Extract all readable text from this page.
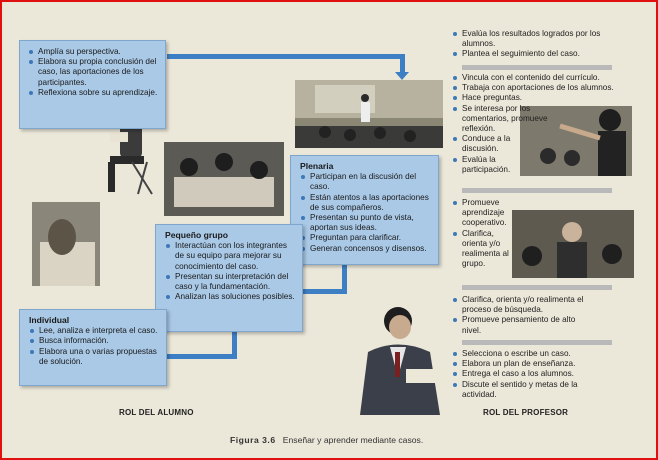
Amplía su perspectiva.
Elabora su propia conclusión del caso, las aportaciones de los participantes.
Reflexiona sobre su aprendizaje.
Plenaria
Participan en la discusión del caso.
Están atentos a las aportaciones de sus compañeros.
Presentan su punto de vista, aportan sus ideas.
Preguntan para clarificar.
Generan concensos y disensos.
Pequeño grupo
Interactúan con los integrantes de su equipo para mejorar su conocimiento del caso.
Presentan su interpretación del caso y la fundamentación.
Analizan las soluciones posibles.
Individual
Lee, analiza e interpreta el caso.
Busca información.
Elabora una o varias propuestas de solución.
Evalúa los resultados logrados por los alumnos.
Plantea el seguimiento del caso.
Vincula con el contenido del currículo.
Trabaja con aportaciones de los alumnos.
Hace preguntas.
Se interesa por los comentarios, promueve reflexión.
Conduce a la discusión.
Evalúa la participación.
Promueve aprendizaje cooperativo.
Clarifica, orienta y/o realimenta al grupo.
Clarifica, orienta y/o realimenta el proceso de búsqueda.
Promueve pensamiento de alto nivel.
Selecciona o escribe un caso.
Elabora un plan de enseñanza.
Entrega el caso a los alumnos.
Discute el sentido y metas de la actividad.
ROL DEL ALUMNO	ROL DEL PROFESOR
Figura 3.6 Enseñar y aprender mediante casos.
